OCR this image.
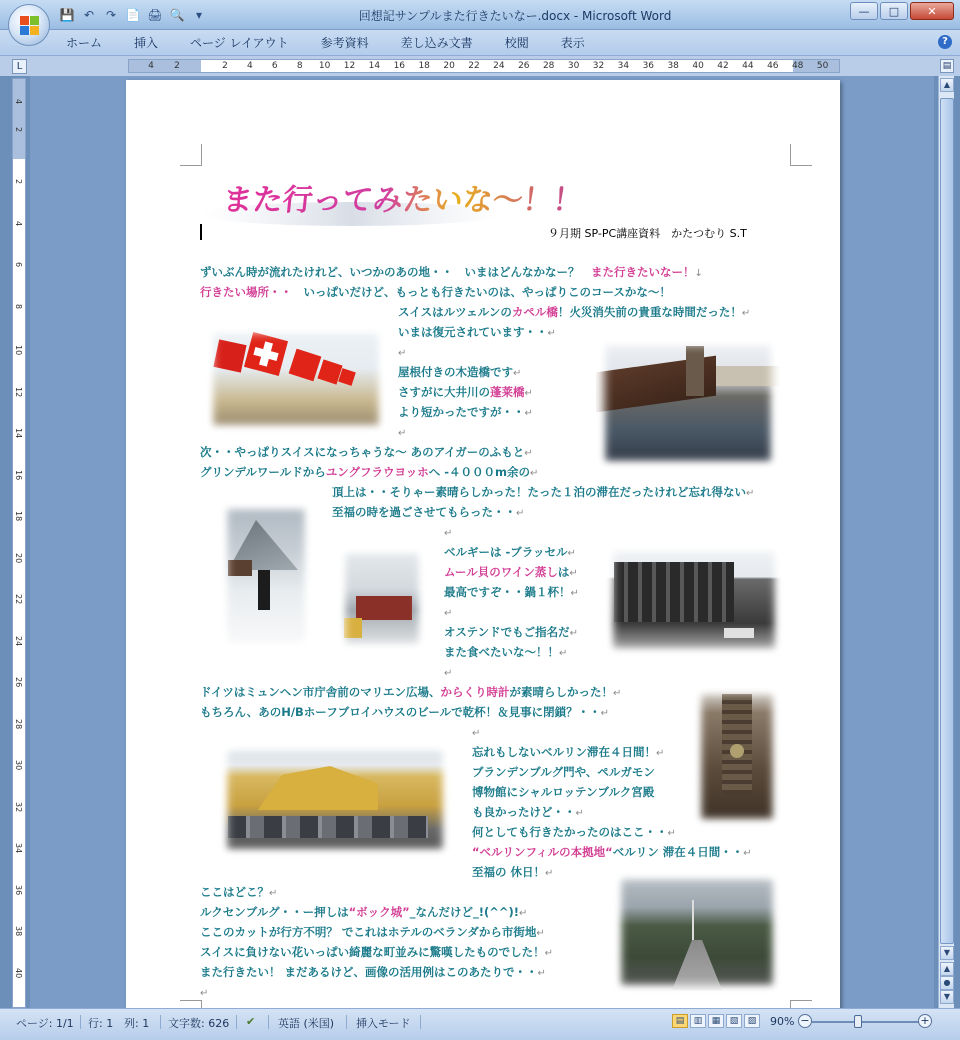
💾 ↶ ↷ 📄 🖨 🔍 ▾	回想記サンプルまた行きたいなー.docx - Microsoft Word	—	□	✕
ホーム	挿入	ページ レイアウト	参考資料	差し込み文書	校閲	表示	?
L	4 2	2 4 6 8 10 12 14 16 18 20 22 24 26 28 30 32 34 36 38 40 42 44 46 48 50	▤
4
2
2
4
6
8
10
12
14
16
18
20
22
24
26
28
30
32
34
36
38
40
また行ってみたいな～！！
９月期 SP-PC講座資料　かたつむり S.T
ずいぶん時が流れたけれど、いつかのあの地・・　いまはどんなかなー？　また行きたいなー！↓
行きたい場所・・　いっぱいだけど、もっとも行きたいのは、やっぱりこのコースかな～！
スイスはルツェルンのカペル橋！火災消失前の貴重な時間だった！↵
いまは復元されています・・↵
↵
屋根付きの木造橋です↵
さすがに大井川の蓬莱橋↵
より短かったですが・・↵
↵
次・・やっぱりスイスになっちゃうな～ あのアイガーのふもと↵
グリンデルワールドからユングフラウヨッホへ -４０００m余の↵
頂上は・・そりゃー素晴らしかった！たった１泊の滞在だったけれど忘れ得ない↵
至福の時を過ごさせてもらった・・↵
↵
ベルギーは -ブラッセル↵
ムール貝のワイン蒸しは↵
最高ですぞ・・鍋１杯！↵
↵
オステンドでもご指名だ↵
また食べたいな～！！↵
↵
ドイツはミュンヘン市庁舎前のマリエン広場、からくり時計が素晴らしかった！↵
もちろん、あのH/Bホーフブロイハウスのビールで乾杯！＆見事に閉鎖？・・↵
↵
忘れもしないベルリン滞在４日間！↵
ブランデンブルグ門や、ペルガモン
博物館にシャルロッテンブルク宮殿
も良かったけど・・↵
何としても行きたかったのはここ・・↵
“ベルリンフィルの本拠地“ベルリン 滞在４日間・・↵
至福の 休日！↵
ここはどこ？↵
ルクセンブルグ・・ー押しは“ボック城”_なんだけど_!(^^)!↵
ここのカットが行方不明？ でこれはホテルのベランダから市街地↵
スイスに負けない花いっぱい綺麗な町並みに驚嘆したものでした！↵
また行きたい！ まだあるけど、画像の活用例はこのあたりで・・↵
↵
▲
▼
▲
●
▼
ページ: 1/1 行: 1 列: 1 文字数: 626 ✔ 英語 (米国) 挿入モード	▤	▥	▦	▧	▨	90% −	+
